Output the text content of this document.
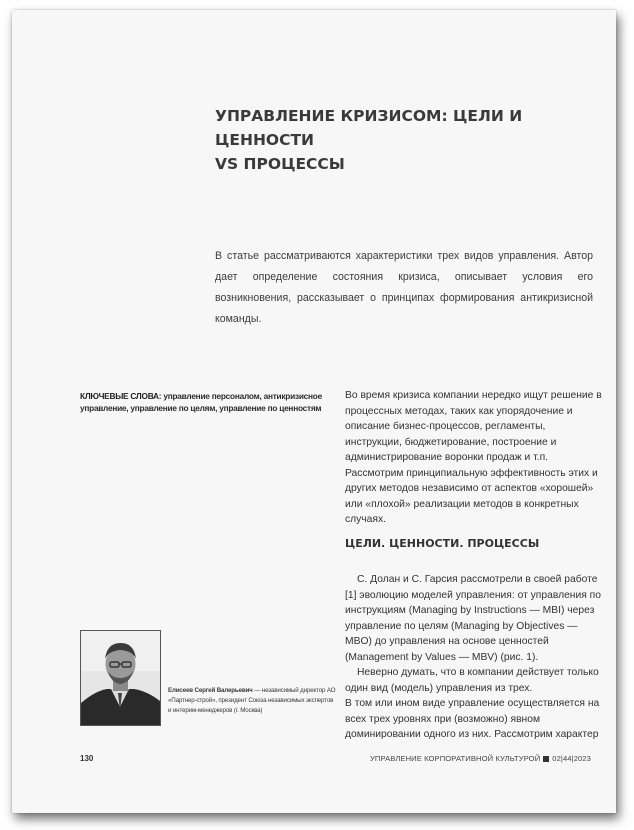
УПРАВЛЕНИЕ КРИЗИСОМ: ЦЕЛИ И ЦЕННОСТИ
VS ПРОЦЕССЫ

В статье рассматриваются характеристики трех видов управления. Автор дает определение состояния кризиса, описывает условия его возникновения, рассказывает о принципах формирования антикризисной команды.

КЛЮЧЕВЫЕ СЛОВА: управление персоналом, антикризисное управление, управление по целям, управление по ценностям

Во время кризиса компании нередко ищут решение в процессных методах, таких как упорядочение и описание бизнес-процессов, регламенты, инструкции, бюджетирование, построение и администрирование воронки продаж и т.п. Рассмотрим принципиальную эффективность этих и других методов независимо от аспектов «хорошей» или «плохой» реализации методов в конкретных случаях.

ЦЕЛИ. ЦЕННОСТИ. ПРОЦЕССЫ

С. Долан и С. Гарсия рассмотрели в своей работе [1] эволюцию моделей управления: от управления по инструкциям (Managing by Instructions — MBI) через управление по целям (Managing by Objectives — MBO) до управления на основе ценностей (Management by Values — MBV) (рис. 1).

Неверно думать, что в компании действует только один вид (модель) управления из трех.

В том или ином виде управление осуществляется на всех трех уровнях при (возможно) явном доминировании одного из них. Рассмотрим характер

Елисеев Сергей Валерьевич — независимый директор АО «Партнер-строй», президент Союза независимых экспертов и интерим-менеджеров (г. Москва)

130	УПРАВЛЕНИЕ КОРПОРАТИВНОЙ КУЛЬТУРОЙ 02|44|2023
